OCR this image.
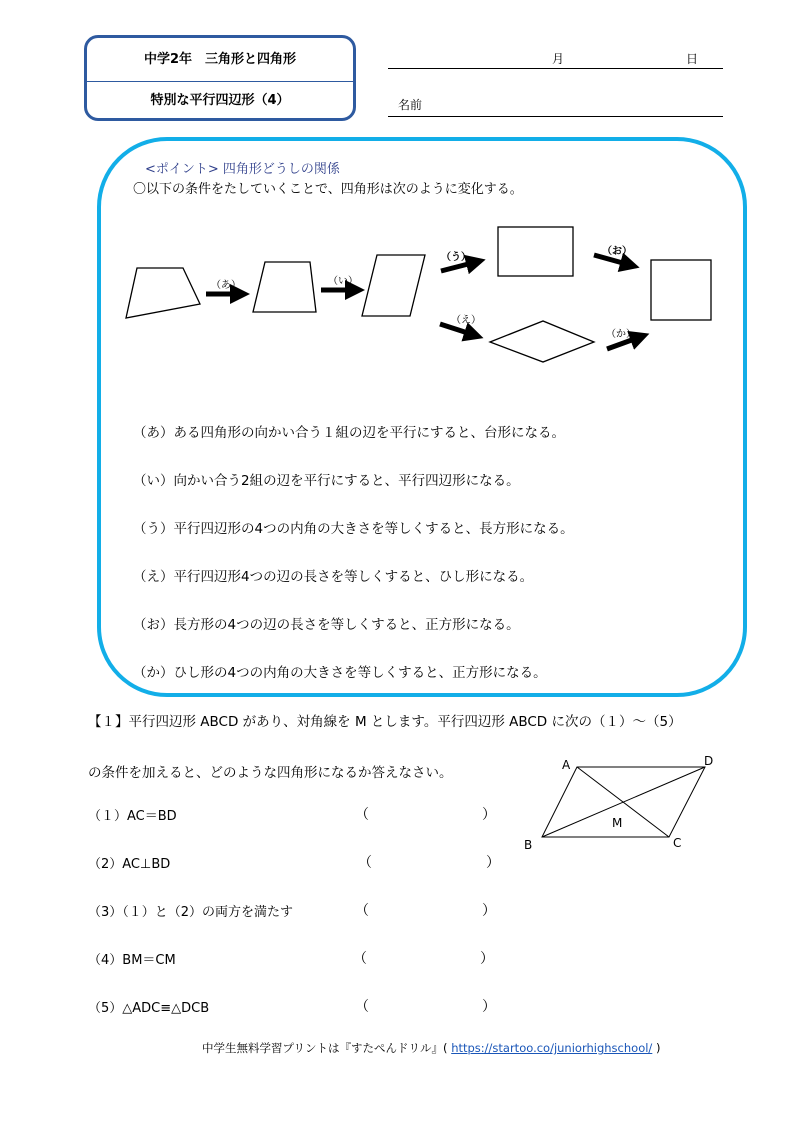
中学2年　三角形と四角形
特別な平行四辺形（4）
月	日
名前
<ポイント> 四角形どうしの関係
〇以下の条件をたしていくことで、四角形は次のように変化する。
（あ）	（い）
（う）
（え）
（お）
（か）
（あ）ある四角形の向かい合う１組の辺を平行にすると、台形になる。
（い）向かい合う2組の辺を平行にすると、平行四辺形になる。
（う）平行四辺形の4つの内角の大きさを等しくすると、長方形になる。
（え）平行四辺形4つの辺の長さを等しくすると、ひし形になる。
（お）長方形の4つの辺の長さを等しくすると、正方形になる。
（か）ひし形の4つの内角の大きさを等しくすると、正方形になる。
【１】平行四辺形 ABCD があり、対角線を M とします。平行四辺形 ABCD に次の（１）～（5）
の条件を加えると、どのような四角形になるか答えなさい。
（１）AC＝BD	（	）
（2）AC⊥BD	（	）
（3）（１）と（2）の両方を満たす	（	）
（4）BM＝CM	（	）
（5）△ADC≡△DCB	（	）
A	D
B	C
M
中学生無料学習プリントは『すたぺんドリル』( https://startoo.co/juniorhighschool/ )
